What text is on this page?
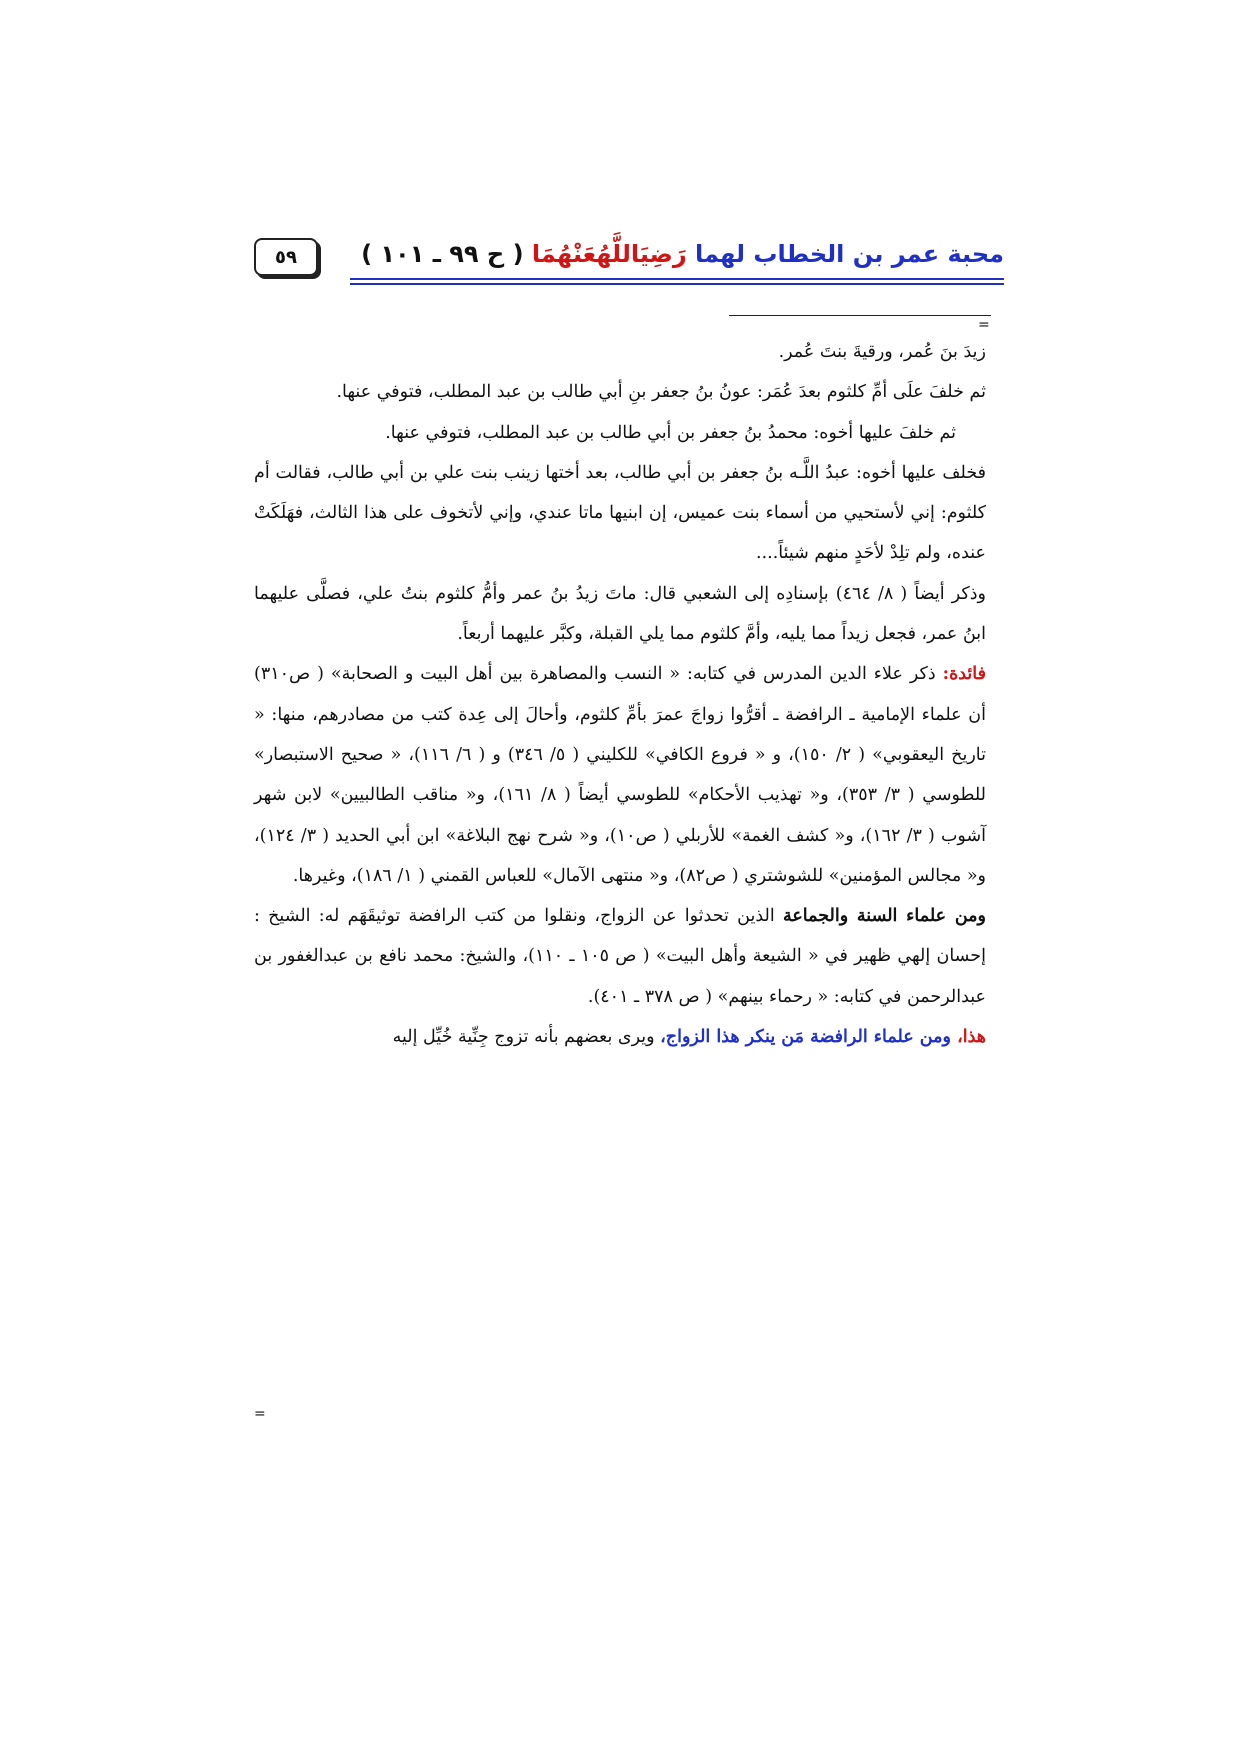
٥٩	محبة عمر بن الخطاب لهما رَضِيَاللَّهُعَنْهُمَا ( ح ٩٩ ـ ١٠١ )
=

زيدَ بنَ عُمر، ورقيةَ بنتَ عُمر.

ثم خلفَ علَى أمِّ كلثوم بعدَ عُمَر: عونُ بنُ جعفر بنِ أبي طالب بن عبد المطلب، فتوفي عنها.

ثم خلفَ عليها أخوه: محمدُ بنُ جعفر بن أبي طالب بن عبد المطلب، فتوفي عنها.

فخلف عليها أخوه: عبدُ اللَّـه بنُ جعفر بن أبي طالب، بعد أختها زينب بنت علي بن أبي طالب، فقالت أم كلثوم: إني لأستحيي من أسماء بنت عميس، إن ابنيها ماتا عندي، وإني لأتخوف على هذا الثالث، فهَلَكَتْ عنده، ولم تلِدْ لأحَدٍ منهم شيئاً....

وذكر أيضاً ( ٨/ ٤٦٤) بإسنادِه إلى الشعبي قال: ماتَ زيدُ بنُ عمر وأمُّ كلثوم بنتُ علي، فصلَّى عليهما ابنُ عمر، فجعل زيداً مما يليه، وأمَّ كلثوم مما يلي القبلة، وكبَّر عليهما أربعاً.

فائدة: ذكر علاء الدين المدرس في كتابه: « النسب والمصاهرة بين أهل البيت و الصحابة» ( ص٣١٠) أن علماء الإمامية ـ الرافضة ـ أقرُّوا زواجَ عمرَ بأمِّ كلثوم، وأحالَ إلى عِدة كتب من مصادرهم، منها: « تاريخ اليعقوبي» ( ٢/ ١٥٠)، و « فروع الكافي» للكليني ( ٥/ ٣٤٦) و ( ٦/ ١١٦)، « صحيح الاستبصار» للطوسي ( ٣/ ٣٥٣)، و« تهذيب الأحكام» للطوسي أيضاً ( ٨/ ١٦١)، و« مناقب الطالبيين» لابن شهر آشوب ( ٣/ ١٦٢)، و« كشف الغمة» للأربلي ( ص١٠)، و« شرح نهج البلاغة» ابن أبي الحديد ( ٣/ ١٢٤)، و« مجالس المؤمنين» للشوشتري ( ص٨٢)، و« منتهى الآمال» للعباس القمني ( ١/ ١٨٦)، وغيرها.

ومن علماء السنة والجماعة الذين تحدثوا عن الزواج، ونقلوا من كتب الرافضة توثيقَهَم له: الشيخ : إحسان إلهي ظهير في « الشيعة وأهل البيت» ( ص ١٠٥ ـ ١١٠)، والشيخ: محمد نافع بن عبدالغفور بن عبدالرحمن في كتابه: « رحماء بينهم» ( ص ٣٧٨ ـ ٤٠١).

هذا، ومن علماء الرافضة مَن ينكر هذا الزواج، ويرى بعضهم بأنه تزوج جِنِّية خُيِّل إليه

=
